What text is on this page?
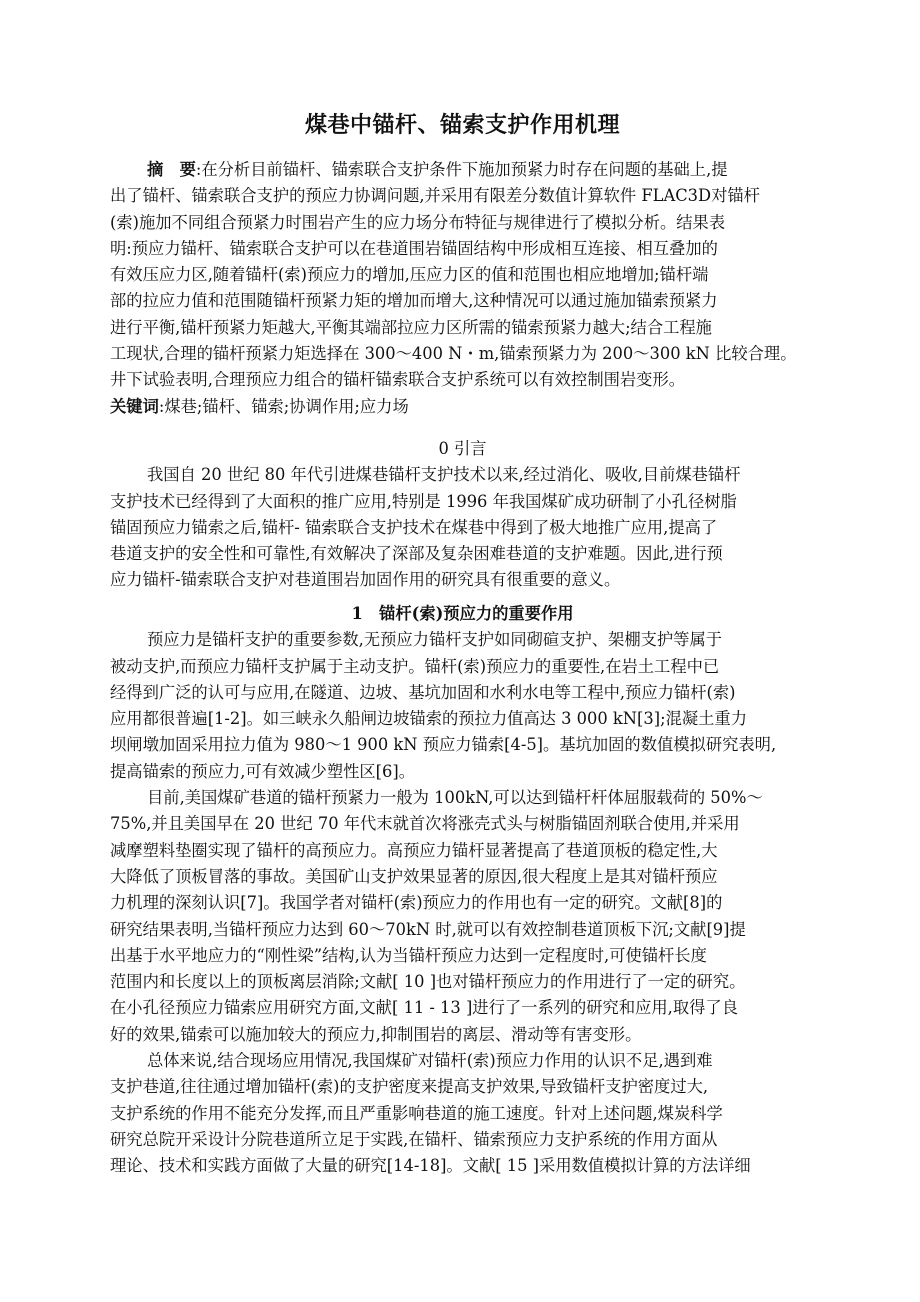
煤巷中锚杆、锚索支护作用机理
摘　要:在分析目前锚杆、锚索联合支护条件下施加预紧力时存在问题的基础上,提
出了锚杆、锚索联合支护的预应力协调问题,并采用有限差分数值计算软件 FLAC3D对锚杆
(索)施加不同组合预紧力时围岩产生的应力场分布特征与规律进行了模拟分析。结果表
明:预应力锚杆、锚索联合支护可以在巷道围岩锚固结构中形成相互连接、相互叠加的
有效压应力区,随着锚杆(索)预应力的增加,压应力区的值和范围也相应地增加;锚杆端
部的拉应力值和范围随锚杆预紧力矩的增加而增大,这种情况可以通过施加锚索预紧力
进行平衡,锚杆预紧力矩越大,平衡其端部拉应力区所需的锚索预紧力越大;结合工程施
工现状,合理的锚杆预紧力矩选择在 300～400 N・m,锚索预紧力为 200～300 kN 比较合理。
井下试验表明,合理预应力组合的锚杆锚索联合支护系统可以有效控制围岩变形。
关键词:煤巷;锚杆、锚索;协调作用;应力场
0 引言
我国自 20 世纪 80 年代引进煤巷锚杆支护技术以来,经过消化、吸收,目前煤巷锚杆
支护技术已经得到了大面积的推广应用,特别是 1996 年我国煤矿成功研制了小孔径树脂
锚固预应力锚索之后,锚杆- 锚索联合支护技术在煤巷中得到了极大地推广应用,提高了
巷道支护的安全性和可靠性,有效解决了深部及复杂困难巷道的支护难题。因此,进行预
应力锚杆-锚索联合支护对巷道围岩加固作用的研究具有很重要的意义。
1　锚杆(索)预应力的重要作用
预应力是锚杆支护的重要参数,无预应力锚杆支护如同砌碹支护、架棚支护等属于
被动支护,而预应力锚杆支护属于主动支护。锚杆(索)预应力的重要性,在岩土工程中已
经得到广泛的认可与应用,在隧道、边坡、基坑加固和水利水电等工程中,预应力锚杆(索)
应用都很普遍[1-2]。如三峡永久船闸边坡锚索的预拉力值高达 3 000 kN[3];混凝土重力
坝闸墩加固采用拉力值为 980～1 900 kN 预应力锚索[4-5]。基坑加固的数值模拟研究表明,
提高锚索的预应力,可有效减少塑性区[6]。
目前,美国煤矿巷道的锚杆预紧力一般为 100kN,可以达到锚杆杆体屈服载荷的 50%～
75%,并且美国早在 20 世纪 70 年代末就首次将涨壳式头与树脂锚固剂联合使用,并采用
减摩塑料垫圈实现了锚杆的高预应力。高预应力锚杆显著提高了巷道顶板的稳定性,大
大降低了顶板冒落的事故。美国矿山支护效果显著的原因,很大程度上是其对锚杆预应
力机理的深刻认识[7]。我国学者对锚杆(索)预应力的作用也有一定的研究。文献[8]的
研究结果表明,当锚杆预应力达到 60～70kN 时,就可以有效控制巷道顶板下沉;文献[9]提
出基于水平地应力的“刚性梁”结构,认为当锚杆预应力达到一定程度时,可使锚杆长度
范围内和长度以上的顶板离层消除;文献[ 10 ]也对锚杆预应力的作用进行了一定的研究。
在小孔径预应力锚索应用研究方面,文献[ 11 - 13 ]进行了一系列的研究和应用,取得了良
好的效果,锚索可以施加较大的预应力,抑制围岩的离层、滑动等有害变形。
总体来说,结合现场应用情况,我国煤矿对锚杆(索)预应力作用的认识不足,遇到难
支护巷道,往往通过增加锚杆(索)的支护密度来提高支护效果,导致锚杆支护密度过大,
支护系统的作用不能充分发挥,而且严重影响巷道的施工速度。针对上述问题,煤炭科学
研究总院开采设计分院巷道所立足于实践,在锚杆、锚索预应力支护系统的作用方面从
理论、技术和实践方面做了大量的研究[14-18]。文献[ 15 ]采用数值模拟计算的方法详细
